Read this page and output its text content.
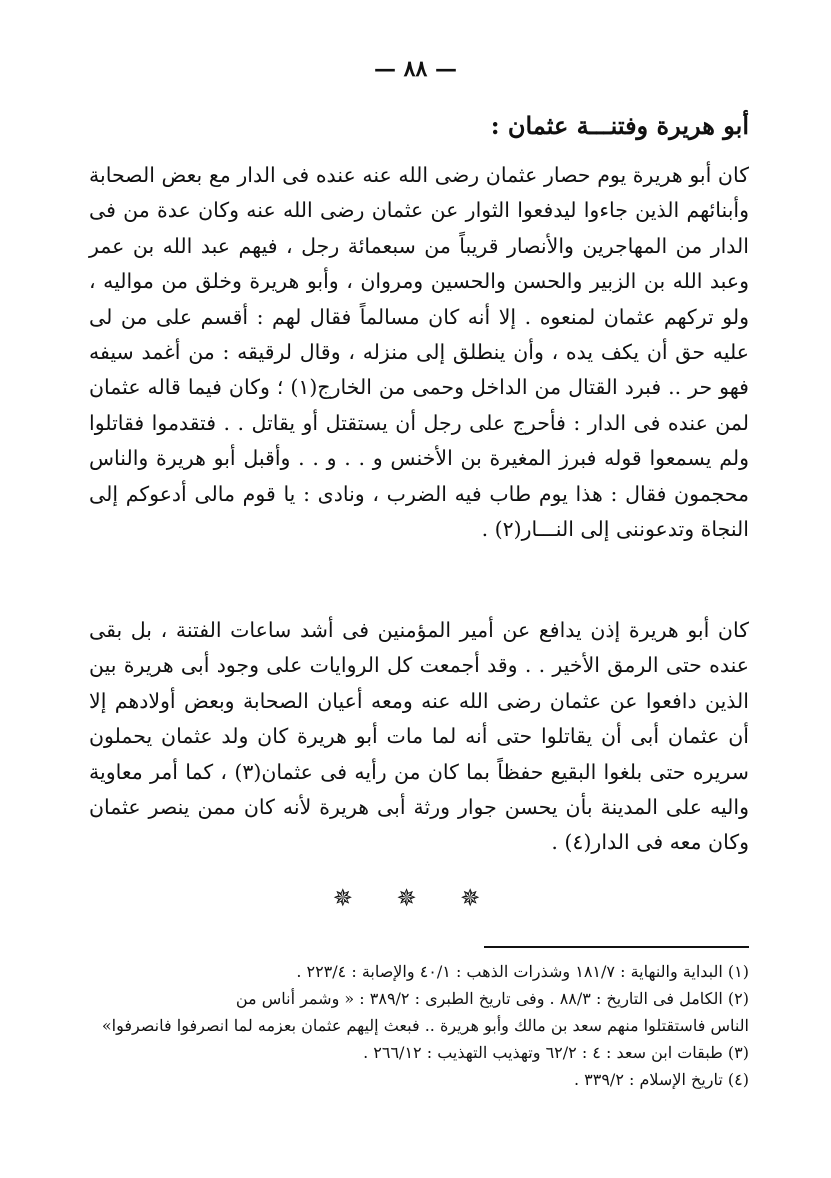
— ٨٨ —
أبو هريرة وفتنـــة عثمان :

كان أبو هريرة يوم حصار عثمان رضى الله عنه عنده فى الدار مع بعض الصحابة وأبنائهم الذين جاءوا ليدفعوا الثوار عن عثمان رضى الله عنه وكان عدة من فى الدار من المهاجرين والأنصار قريباً من سبعمائة رجل ، فيهم عبد الله بن عمر وعبد الله بن الزبير والحسن والحسين ومروان ، وأبو هريرة وخلق من مواليه ، ولو تركهم عثمان لمنعوه . إلا أنه كان مسالماً فقال لهم : أقسم على من لى عليه حق أن يكف يده ، وأن ينطلق إلى منزله ، وقال لرقيقه : من أغمد سيفه فهو حر .. فبرد القتال من الداخل وحمى من الخارج(١) ؛ وكان فيما قاله عثمان لمن عنده فى الدار : فأحرج على رجل أن يستقتل أو يقاتل . . فتقدموا فقاتلوا ولم يسمعوا قوله فبرز المغيرة بن الأخنس و . . و . . وأقبل أبو هريرة والناس محجمون فقال : هذا يوم طاب فيه الضرب ، ونادى : يا قوم مالى أدعوكم إلى النجاة وتدعوننى إلى النـــار(٢) .

كان أبو هريرة إذن يدافع عن أمير المؤمنين فى أشد ساعات الفتنة ، بل بقى عنده حتى الرمق الأخير . . وقد أجمعت كل الروايات على وجود أبى هريرة بين الذين دافعوا عن عثمان رضى الله عنه ومعه أعيان الصحابة وبعض أولادهم إلا أن عثمان أبى أن يقاتلوا حتى أنه لما مات أبو هريرة كان ولد عثمان يحملون سريره حتى بلغوا البقيع حفظاً بما كان من رأيه فى عثمان(٣) ، كما أمر معاوية واليه على المدينة بأن يحسن جوار ورثة أبى هريرة لأنه كان ممن ينصر عثمان وكان معه فى الدار(٤) .

✵ ✵ ✵

(١) البداية والنهاية : ١٨١/٧ وشذرات الذهب : ٤٠/١ والإصابة : ٢٢٣/٤ .

(٢) الكامل فى التاريخ : ٨٨/٣ . وفى تاريخ الطبرى : ٣٨٩/٢ : « وشمر أناس من

الناس فاستقتلوا منهم سعد بن مالك وأبو هريرة .. فبعث إليهم عثمان بعزمه لما انصرفوا فانصرفوا»

(٣) طبقات ابن سعد : ٤ : ٦٢/٢ وتهذيب التهذيب : ٢٦٦/١٢ .

(٤) تاريخ الإسلام : ٣٣٩/٢ .
